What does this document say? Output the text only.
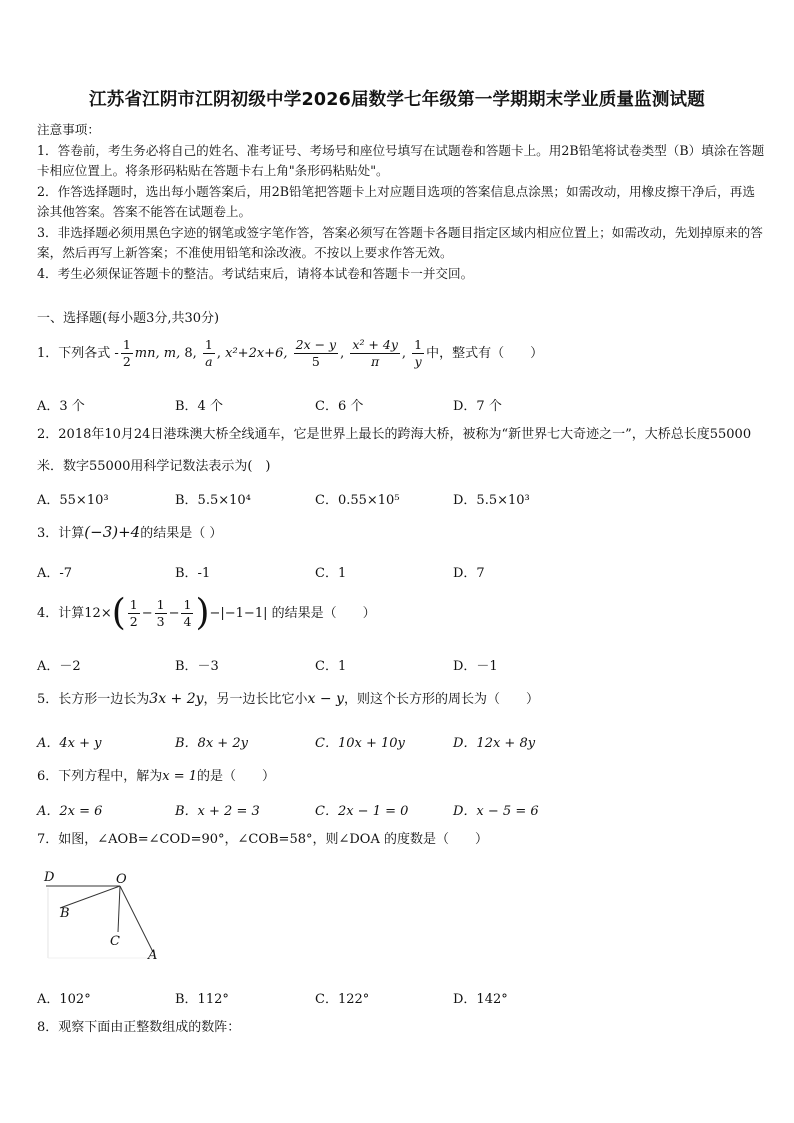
江苏省江阴市江阴初级中学2026届数学七年级第一学期期末学业质量监测试题

注意事项：

1．答卷前，考生务必将自己的姓名、准考证号、考场号和座位号填写在试题卷和答题卡上。用2B铅笔将试卷类型（B）填涂在答题卡相应位置上。将条形码粘贴在答题卡右上角"条形码粘贴处"。

2．作答选择题时，选出每小题答案后，用2B铅笔把答题卡上对应题目选项的答案信息点涂黑；如需改动，用橡皮擦干净后，再选涂其他答案。答案不能答在试题卷上。

3．非选择题必须用黑色字迹的钢笔或签字笔作答，答案必须写在答题卡各题目指定区域内相应位置上；如需改动，先划掉原来的答案，然后再写上新答案；不准使用铅笔和涂改液。不按以上要求作答无效。

4．考生必须保证答题卡的整洁。考试结束后，请将本试卷和答题卡一并交回。

一、选择题(每小题3分,共30分)
1．下列各式 - $\frac{1}{2}$ mn, m, 8, $\frac{1}{a}$ , x²+2x+6, $\frac{2x - y}{5}$ , $\frac{\text{x² + 4y}}{\pi}$ , $\frac{1}{y}$ 中，整式有（　　）
A．3 个	B．4 个	C．6 个	D．7 个
2．2018年10月24日港珠澳大桥全线通车，它是世界上最长的跨海大桥，被称为“新世界七大奇迹之一”，大桥总长度55000 米．数字55000用科学记数法表示为(　)
A．55×10³	B．5.5×10⁴	C．0.55×10⁵	D．5.5×10³
3．计算(−3)+4的结果是（ ）
A．-7	B．-1	C．1	D．7
4．计算$12\times( \frac{1}{2} - \frac{1}{3} - \frac{1}{4} )-|-1-1|$ 的结果是（　　）
A．－2	B．－3	C．1	D．－1
5．长方形一边长为3x + 2y，另一边长比它小x − y，则这个长方形的周长为（　　）
A．4x + y	B．8x + 2y	C．10x + 10y	D．12x + 8y
6．下列方程中，解为x = 1的是（　　）
A．2x = 6	B．x + 2 = 3	C．2x − 1 = 0	D．x − 5 = 6
7．如图，∠AOB=∠COD=90°，∠COB=58°，则∠DOA 的度数是（　　）
D	O
B
C
A
A．102°	B．112°	C．122°	D．142°
8．观察下面由正整数组成的数阵：
